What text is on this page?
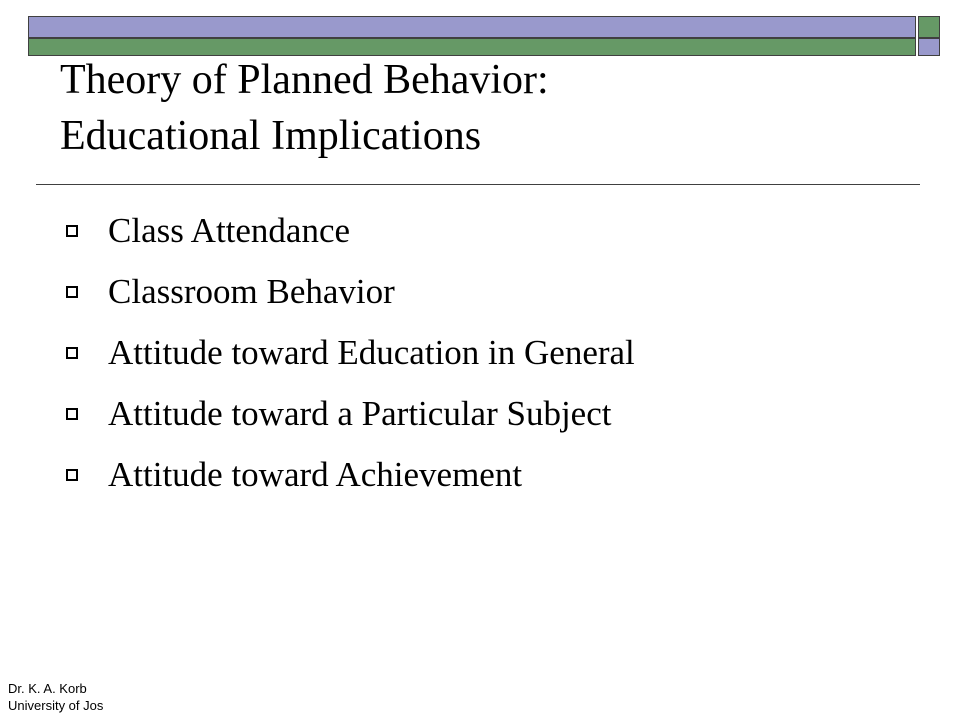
Theory of Planned Behavior:
Educational Implications
Class Attendance
Classroom Behavior
Attitude toward Education in General
Attitude toward a Particular Subject
Attitude toward Achievement
Dr. K. A. Korb
University of Jos
